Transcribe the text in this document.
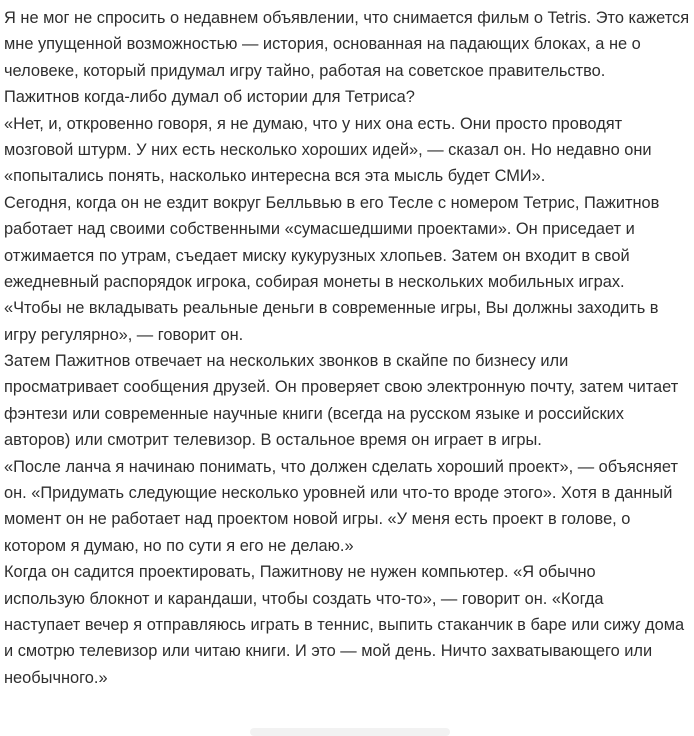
Я не мог не спросить о недавнем объявлении, что снимается фильм о Tetris. Это кажется
мне упущенной возможностью — история, основанная на падающих блоках, а не о
человеке, который придумал игру тайно, работая на советское правительство.
Пажитнов когда-либо думал об истории для Тетриса?
«Нет, и, откровенно говоря, я не думаю, что у них она есть. Они просто проводят
мозговой штурм. У них есть несколько хороших идей», — сказал он. Но недавно они
«попытались понять, насколько интересна вся эта мысль будет СМИ».
Сегодня, когда он не ездит вокруг Белльвью в его Тесле с номером Тетрис, Пажитнов
работает над своими собственными «сумасшедшими проектами». Он приседает и
отжимается по утрам, съедает миску кукурузных хлопьев. Затем он входит в свой
ежедневный распорядок игрока, собирая монеты в нескольких мобильных играх.
«Чтобы не вкладывать реальные деньги в современные игры, Вы должны заходить в
игру регулярно», — говорит он.
Затем Пажитнов отвечает на нескольких звонков в скайпе по бизнесу или
просматривает сообщения друзей. Он проверяет свою электронную почту, затем читает
фэнтези или современные научные книги (всегда на русском языке и российских
авторов) или смотрит телевизор. В остальное время он играет в игры.
«После ланча я начинаю понимать, что должен сделать хороший проект», — объясняет
он. «Придумать следующие несколько уровней или что-то вроде этого». Хотя в данный
момент он не работает над проектом новой игры. «У меня есть проект в голове, о
котором я думаю, но по сути я его не делаю.»
Когда он садится проектировать, Пажитнову не нужен компьютер. «Я обычно
использую блокнот и карандаши, чтобы создать что-то», — говорит он. «Когда
наступает вечер я отправляюсь играть в теннис, выпить стаканчик в баре или сижу дома
и смотрю телевизор или читаю книги. И это — мой день. Ничто захватывающего или
необычного.»
